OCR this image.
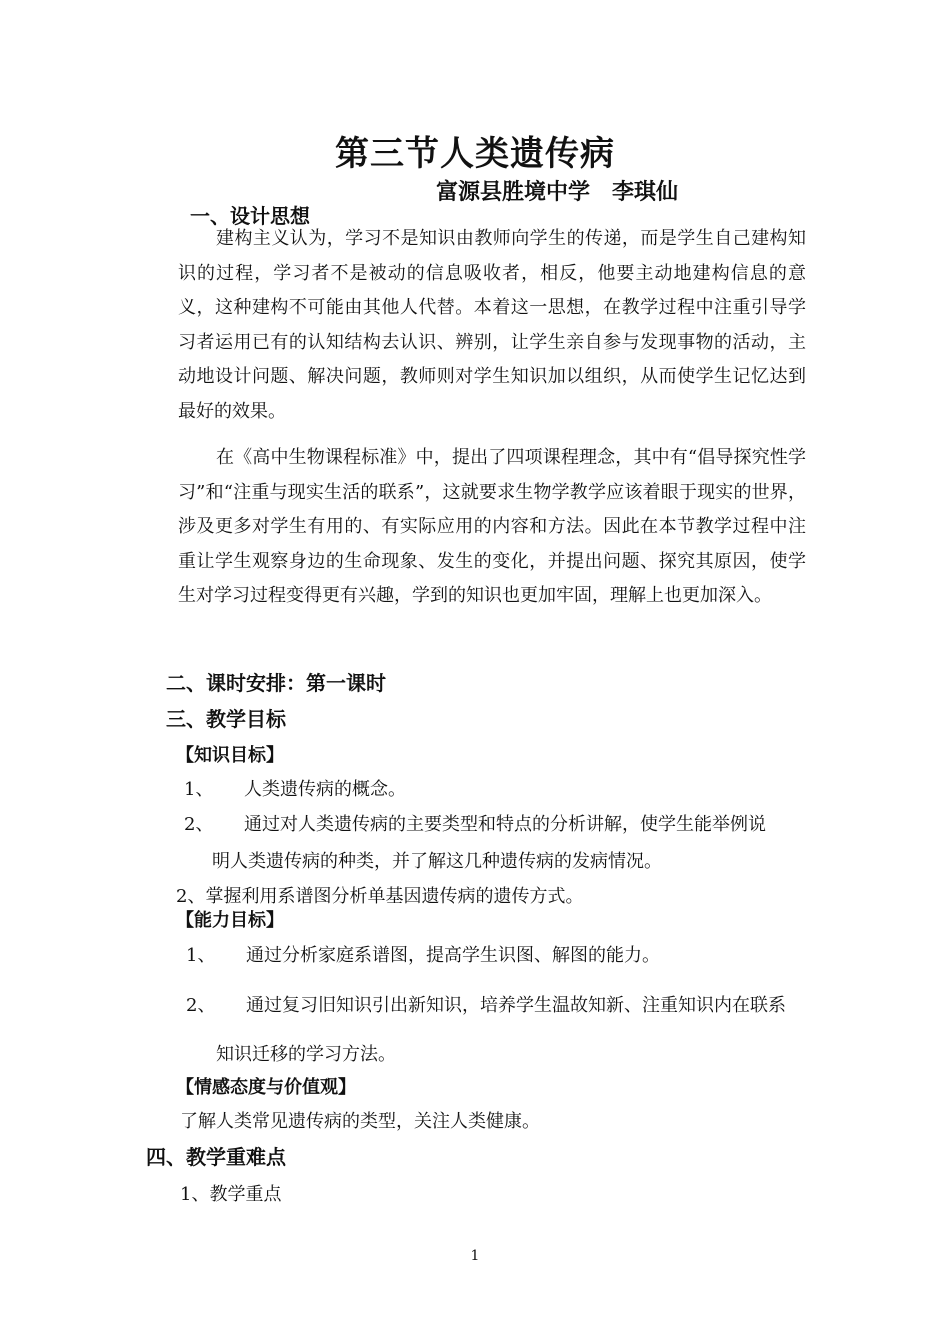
第三节人类遗传病
富源县胜境中学　李琪仙
一、设计思想
建构主义认为，学习不是知识由教师向学生的传递，而是学生自己建构知识的过程，学习者不是被动的信息吸收者，相反，他要主动地建构信息的意义，这种建构不可能由其他人代替。本着这一思想，在教学过程中注重引导学习者运用已有的认知结构去认识、辨别，让学生亲自参与发现事物的活动，主动地设计问题、解决问题，教师则对学生知识加以组织，从而使学生记忆达到最好的效果。
在《高中生物课程标准》中，提出了四项课程理念，其中有“倡导探究性学习”和“注重与现实生活的联系”，这就要求生物学教学应该着眼于现实的世界，涉及更多对学生有用的、有实际应用的内容和方法。因此在本节教学过程中注重让学生观察身边的生命现象、发生的变化，并提出问题、探究其原因，使学生对学习过程变得更有兴趣，学到的知识也更加牢固，理解上也更加深入。
二、课时安排：第一课时
三、教学目标
【知识目标】
1、 人类遗传病的概念。
2、 通过对人类遗传病的主要类型和特点的分析讲解，使学生能举例说
明人类遗传病的种类，并了解这几种遗传病的发病情况。
2、掌握利用系谱图分析单基因遗传病的遗传方式。
【能力目标】
1、 通过分析家庭系谱图，提高学生识图、解图的能力。
2、 通过复习旧知识引出新知识，培养学生温故知新、注重知识内在联系
知识迁移的学习方法。
【情感态度与价值观】
了解人类常见遗传病的类型，关注人类健康。
四、教学重难点
1、教学重点
1
